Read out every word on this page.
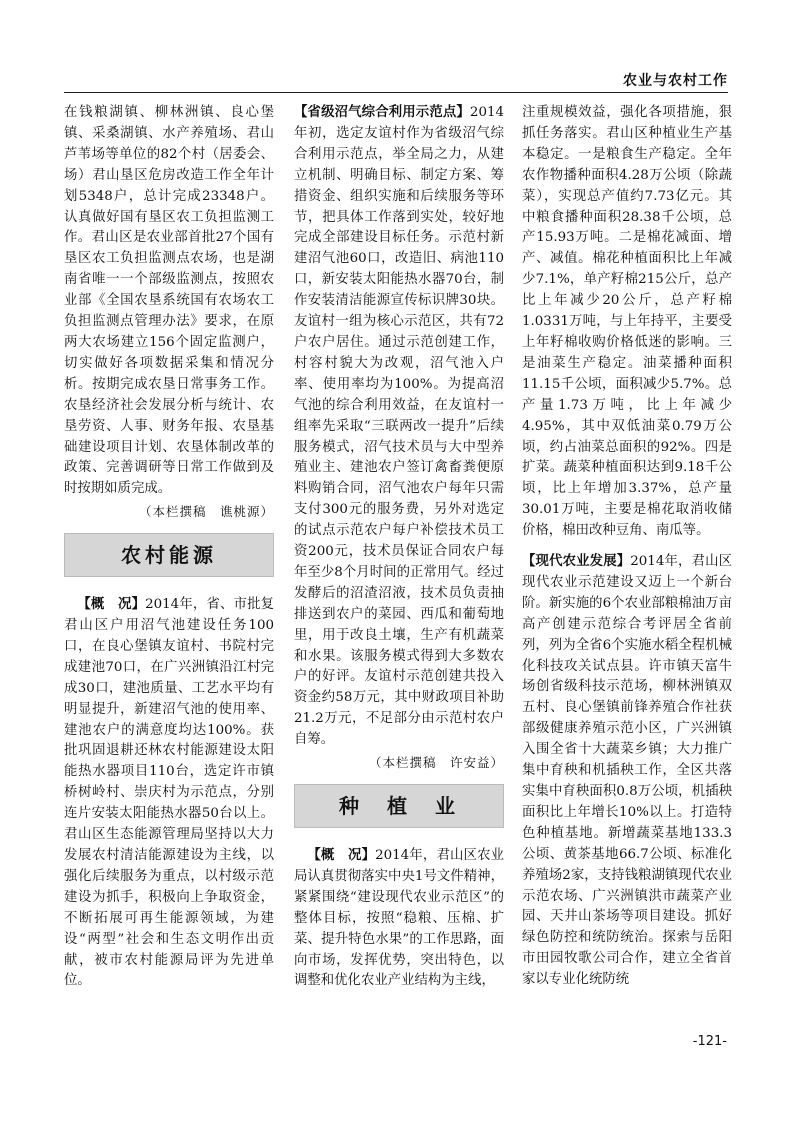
农业与农村工作

在钱粮湖镇、柳林洲镇、良心堡镇、采桑湖镇、水产养殖场、君山芦苇场等单位的82个村（居委会、场）君山垦区危房改造工作全年计划5348户，总计完成23348户。认真做好国有垦区农工负担监测工作。君山区是农业部首批27个国有垦区农工负担监测点农场，也是湖南省唯一一个部级监测点，按照农业部《全国农垦系统国有农场农工负担监测点管理办法》要求，在原两大农场建立156个固定监测户，切实做好各项数据采集和情况分析。按期完成农垦日常事务工作。农垦经济社会发展分析与统计、农垦劳资、人事、财务年报、农垦基础建设项目计划、农垦体制改革的政策、完善调研等日常工作做到及时按期如质完成。

（本栏撰稿　谯桃源）

农村能源

【概　况】2014年，省、市批复君山区户用沼气池建设任务100口，在良心堡镇友谊村、书院村完成建池70口，在广兴洲镇沿江村完成30口，建池质量、工艺水平均有明显提升，新建沼气池的使用率、建池农户的满意度均达100%。获批巩固退耕还林农村能源建设太阳能热水器项目110台，选定许市镇桥树岭村、崇庆村为示范点，分别连片安装太阳能热水器50台以上。君山区生态能源管理局坚持以大力发展农村清洁能源建设为主线，以强化后续服务为重点，以村级示范建设为抓手，积极向上争取资金，不断拓展可再生能源领域，为建设“两型”社会和生态文明作出贡献，被市农村能源局评为先进单位。

【省级沼气综合利用示范点】2014年初，选定友谊村作为省级沼气综合利用示范点，举全局之力，从建立机制、明确目标、制定方案、筹措资金、组织实施和后续服务等环节，把具体工作落到实处，较好地完成全部建设目标任务。示范村新建沼气池60口，改造旧、病池110口，新安装太阳能热水器70台，制作安装清洁能源宣传标识牌30块。友谊村一组为核心示范区，共有72户农户居住。通过示范创建工作，村容村貌大为改观，沼气池入户率、使用率均为100%。为提高沼气池的综合利用效益，在友谊村一组率先采取“三联两改一提升”后续服务模式，沼气技术员与大中型养殖业主、建池农户签订禽畜粪便原料购销合同，沼气池农户每年只需支付300元的服务费，另外对选定的试点示范农户每户补偿技术员工资200元，技术员保证合同农户每年至少8个月时间的正常用气。经过发酵后的沼渣沼液，技术员负责抽排送到农户的菜园、西瓜和葡萄地里，用于改良土壤，生产有机蔬菜和水果。该服务模式得到大多数农户的好评。友谊村示范创建共投入资金约58万元，其中财政项目补助21.2万元，不足部分由示范村农户自筹。

（本栏撰稿　许安益）

种　植　业

【概　况】2014年，君山区农业局认真贯彻落实中央1号文件精神，紧紧围绕“建设现代农业示范区”的整体目标，按照“稳粮、压棉、扩菜、提升特色水果”的工作思路，面向市场，发挥优势，突出特色，以调整和优化农业产业结构为主线，

注重规模效益，强化各项措施，狠抓任务落实。君山区种植业生产基本稳定。一是粮食生产稳定。全年农作物播种面积4.28万公顷（除蔬菜），实现总产值约7.73亿元。其中粮食播种面积28.38千公顷，总产15.93万吨。二是棉花减面、增产、减值。棉花种植面积比上年减少7.1%，单产籽棉215公斤，总产比上年减少20公斤，总产籽棉1.0331万吨，与上年持平，主要受上年籽棉收购价格低迷的影响。三是油菜生产稳定。油菜播种面积11.15千公顷，面积减少5.7%。总产量1.73万吨，比上年减少4.95%，其中双低油菜0.79万公顷，约占油菜总面积的92%。四是扩菜。蔬菜种植面积达到9.18千公顷，比上年增加3.37%，总产量30.01万吨，主要是棉花取消收储价格，棉田改种豆角、南瓜等。

【现代农业发展】2014年，君山区现代农业示范建设又迈上一个新台阶。新实施的6个农业部粮棉油万亩高产创建示范综合考评居全省前列，列为全省6个实施水稻全程机械化科技攻关试点县。许市镇天富牛场创省级科技示范场，柳林洲镇双五村、良心堡镇前锋养殖合作社获部级健康养殖示范小区，广兴洲镇入围全省十大蔬菜乡镇；大力推广集中育秧和机插秧工作，全区共落实集中育秧面积0.8万公顷，机插秧面积比上年增长10%以上。打造特色种植基地。新增蔬菜基地133.3公顷、黄茶基地66.7公顷、标准化养殖场2家，支持钱粮湖镇现代农业示范农场、广兴洲镇洪市蔬菜产业园、天井山茶场等项目建设。抓好绿色防控和统防统治。探索与岳阳市田园牧歌公司合作，建立全省首家以专业化统防统

-121-
